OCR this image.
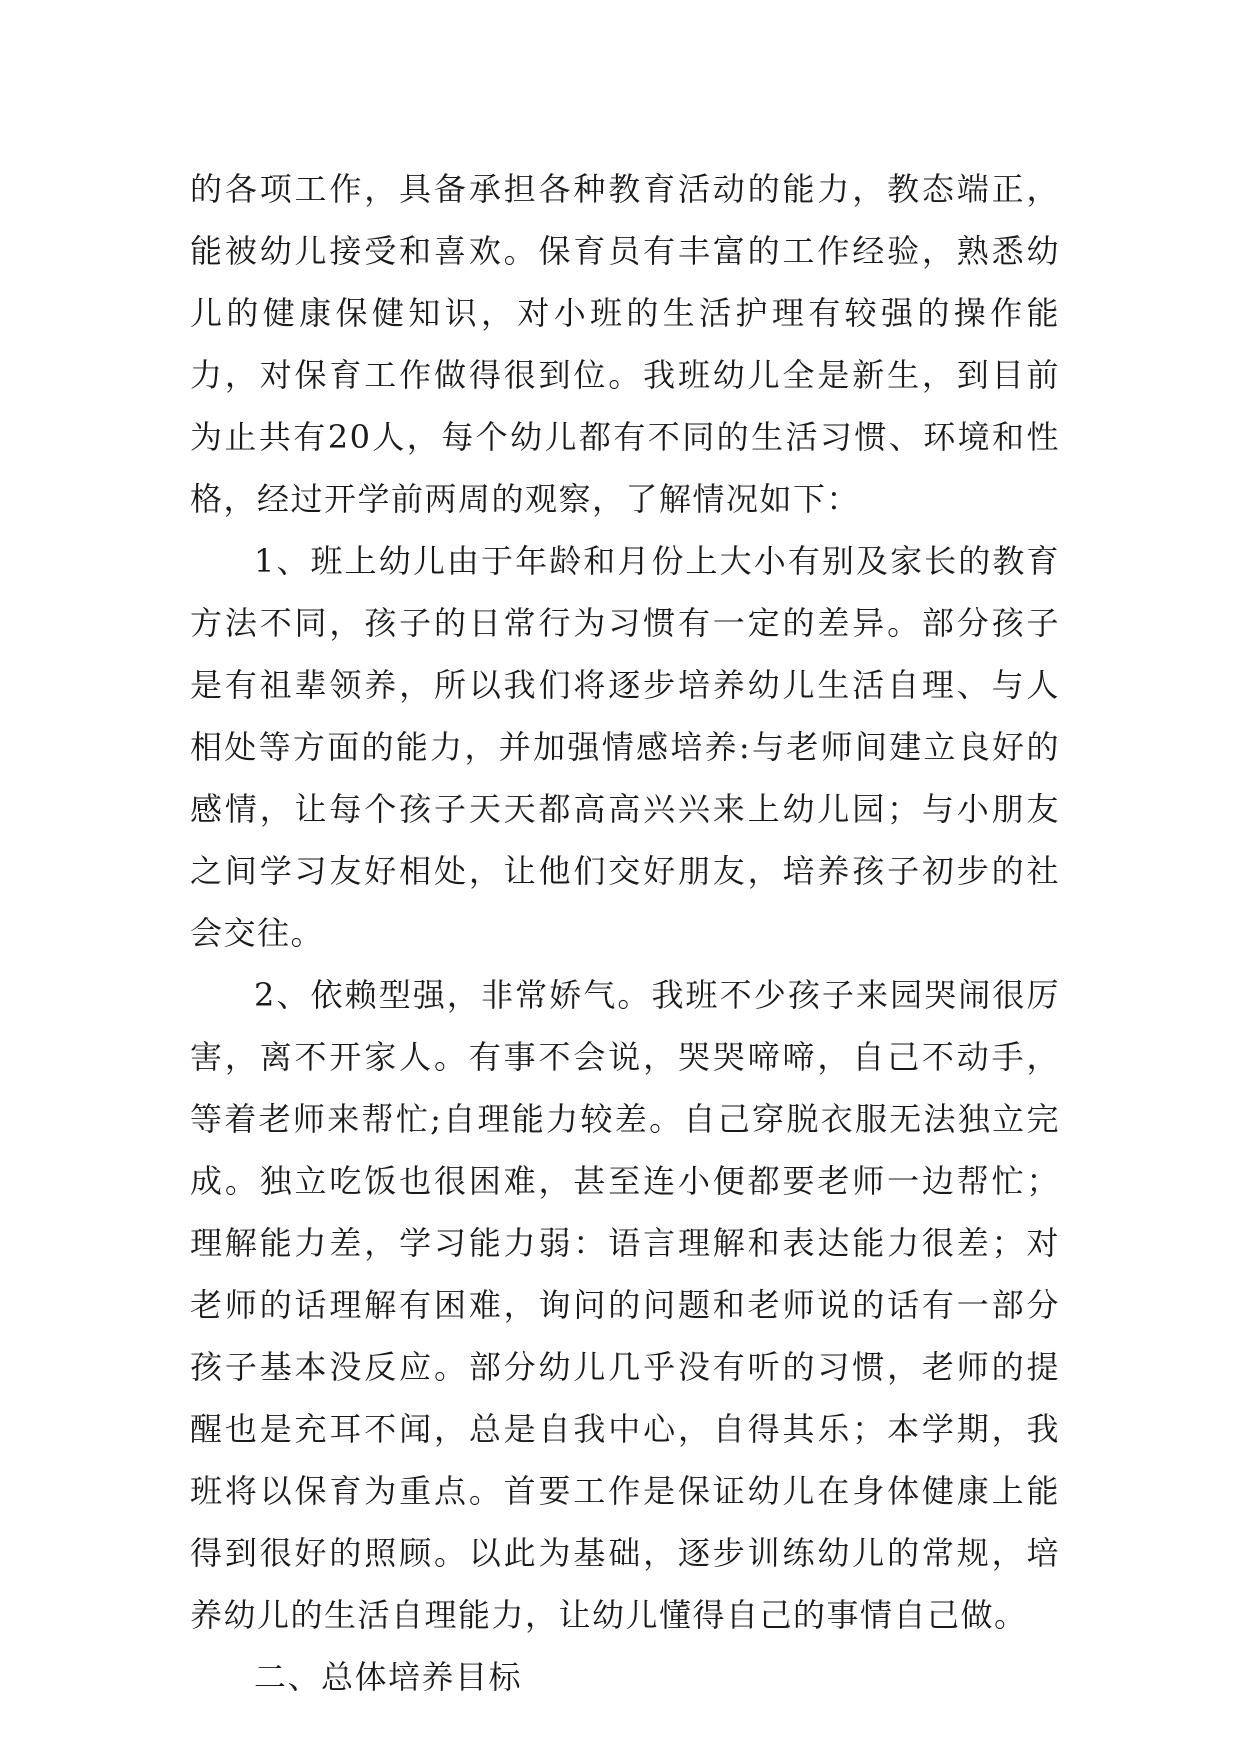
的各项工作，具备承担各种教育活动的能力，教态端正，能被幼儿接受和喜欢。保育员有丰富的工作经验，熟悉幼儿的健康保健知识，对小班的生活护理有较强的操作能力，对保育工作做得很到位。我班幼儿全是新生，到目前为止共有20人，每个幼儿都有不同的生活习惯、环境和性格，经过开学前两周的观察，了解情况如下：

1、班上幼儿由于年龄和月份上大小有别及家长的教育方法不同，孩子的日常行为习惯有一定的差异。部分孩子是有祖辈领养，所以我们将逐步培养幼儿生活自理、与人相处等方面的能力，并加强情感培养:与老师间建立良好的感情，让每个孩子天天都高高兴兴来上幼儿园；与小朋友之间学习友好相处，让他们交好朋友，培养孩子初步的社会交往。

2、依赖型强，非常娇气。我班不少孩子来园哭闹很厉害，离不开家人。有事不会说，哭哭啼啼，自己不动手，等着老师来帮忙;自理能力较差。自己穿脱衣服无法独立完成。独立吃饭也很困难，甚至连小便都要老师一边帮忙；理解能力差，学习能力弱：语言理解和表达能力很差；对老师的话理解有困难，询问的问题和老师说的话有一部分孩子基本没反应。部分幼儿几乎没有听的习惯，老师的提醒也是充耳不闻，总是自我中心，自得其乐；本学期，我班将以保育为重点。首要工作是保证幼儿在身体健康上能得到很好的照顾。以此为基础，逐步训练幼儿的常规，培养幼儿的生活自理能力，让幼儿懂得自己的事情自己做。

二、总体培养目标
